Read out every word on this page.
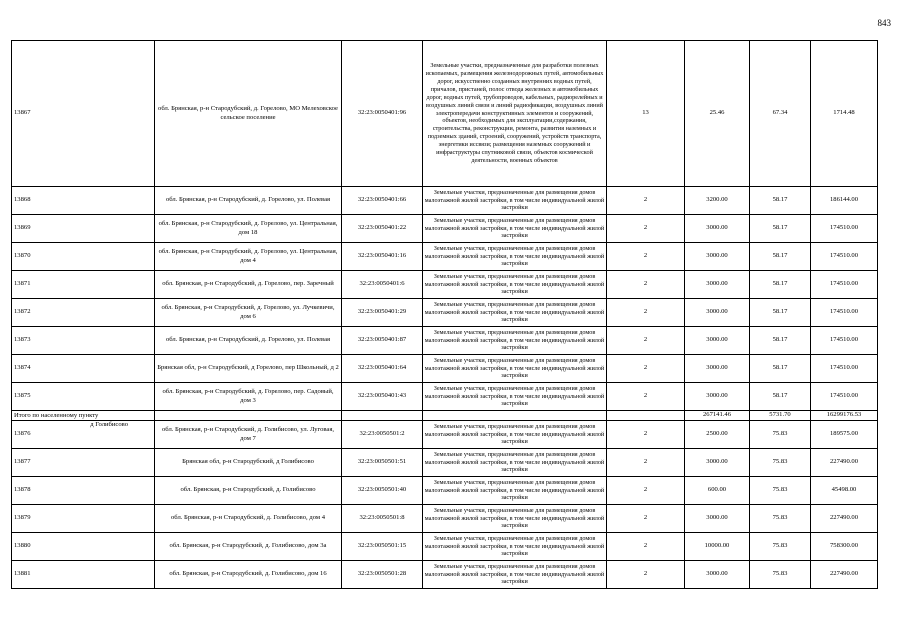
843
13867	обл. Брянская, р-н Стародубский, д. Горелово, МО Мелеховское сельское поселение	32:23:0050401:96	Земельные участки, предназначенные для разработки полезных ископаемых, размещения железнодорожных путей, автомобильных дорог, искусственно созданных внутренних водных путей, причалов, пристаней, полос отвода железных и автомобильных дорог, водных путей, трубопроводов, кабельных, радиорелейных и воздушных линий связи и линий радиофикации, воздушных линий электропередачи конструктивных элементов и сооружений, объектов, необходимых для эксплуатации,содержания, строительства, реконструкции, ремонта, развития наземных и подземных зданий, строений, сооружений, устройств транспорта, энергетики иссвязи; размещения наземных сооружений и инфраструктуры спутниковой связи, объектов космической деятельности, военных объектов	13	25.46	67.34	1714.48
13868	обл. Брянская, р-н Стародубский, д. Горелово, ул. Полевая	32:23:0050401:66	Земельные участки, предназначенные для размещения домов малоэтажной жилой застройки, в том числе индивидуальной жилой застройки	2	3200.00	58.17	186144.00
13869	обл. Брянская, р-н Стародубский, д. Горелово, ул. Центральная, дом 18	32:23:0050401:22	Земельные участки, предназначенные для размещения домов малоэтажной жилой застройки, в том числе индивидуальной жилой застройки	2	3000.00	58.17	174510.00
13870	обл. Брянская, р-н Стародубский, д. Горелово, ул. Центральная, дом 4	32:23:0050401:16	Земельные участки, предназначенные для размещения домов малоэтажной жилой застройки, в том числе индивидуальной жилой застройки	2	3000.00	58.17	174510.00
13871	обл. Брянская, р-н Стародубский, д. Горелово, пер. Заречный	32:23:0050401:6	Земельные участки, предназначенные для размещения домов малоэтажной жилой застройки, в том числе индивидуальной жилой застройки	2	3000.00	58.17	174510.00
13872	обл. Брянская, р-н Стародубский, д. Горелово, ул. Лучкевичи, дом 6	32:23:0050401:29	Земельные участки, предназначенные для размещения домов малоэтажной жилой застройки, в том числе индивидуальной жилой застройки	2	3000.00	58.17	174510.00
13873	обл. Брянская, р-н Стародубский, д. Горелово, ул. Полевая	32:23:0050401:87	Земельные участки, предназначенные для размещения домов малоэтажной жилой застройки, в том числе индивидуальной жилой застройки	2	3000.00	58.17	174510.00
13874	Брянская обл, р-н Стародубский, д Горелово, пер Школьный, д 2	32:23:0050401:64	Земельные участки, предназначенные для размещения домов малоэтажной жилой застройки, в том числе индивидуальной жилой застройки	2	3000.00	58.17	174510.00
13875	обл. Брянская, р-н Стародубский, д. Горелово, пер. Садовый, дом 3	32:23:0050401:43	Земельные участки, предназначенные для размещения домов малоэтажной жилой застройки, в том числе индивидуальной жилой застройки	2	3000.00	58.17	174510.00
Итого по населенному пункту					267141.46	5731.70	16299176.53

д Голибисово
13876	обл. Брянская, р-н Стародубский, д. Голибисово, ул. Луговая, дом 7	32:23:0050501:2	Земельные участки, предназначенные для размещения домов малоэтажной жилой застройки, в том числе индивидуальной жилой застройки	2	2500.00	75.83	189575.00
13877	Брянская обл, р-н Стародубский, д Голибисово	32:23:0050501:51	Земельные участки, предназначенные для размещения домов малоэтажной жилой застройки, в том числе индивидуальной жилой застройки	2	3000.00	75.83	227490.00
13878	обл. Брянская, р-н Стародубский, д. Голибисово	32:23:0050501:40	Земельные участки, предназначенные для размещения домов малоэтажной жилой застройки, в том числе индивидуальной жилой застройки	2	600.00	75.83	45498.00
13879	обл. Брянская, р-н Стародубский, д. Голибисово, дом 4	32:23:0050501:8	Земельные участки, предназначенные для размещения домов малоэтажной жилой застройки, в том числе индивидуальной жилой застройки	2	3000.00	75.83	227490.00
13880	обл. Брянская, р-н Стародубский, д. Голибисово, дом 3а	32:23:0050501:15	Земельные участки, предназначенные для размещения домов малоэтажной жилой застройки, в том числе индивидуальной жилой застройки	2	10000.00	75.83	758300.00
13881	обл. Брянская, р-н Стародубский, д. Голибисово, дом 16	32:23:0050501:28	Земельные участки, предназначенные для размещения домов малоэтажной жилой застройки, в том числе индивидуальной жилой застройки	2	3000.00	75.83	227490.00
